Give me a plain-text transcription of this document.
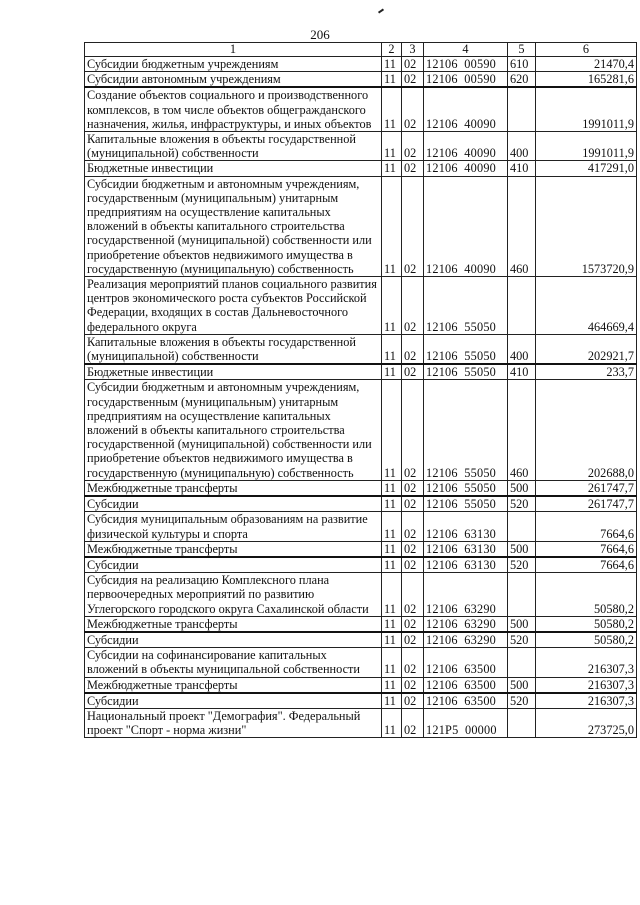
206
1	2	3	4	5	6
Субсидии бюджетным учреждениям	11	02	12106  00590	610	21470,4
Субсидии автономным учреждениям	11	02	12106  00590	620	165281,6
Создание объектов социального и производственного комплексов, в том числе объектов общегражданского назначения, жилья, инфраструктуры, и иных объектов	11	02	12106  40090		1991011,9
Капитальные вложения в объекты государственной (муниципальной) собственности	11	02	12106  40090	400	1991011,9
Бюджетные инвестиции	11	02	12106  40090	410	417291,0
Субсидии бюджетным и автономным учреждениям, государственным (муниципальным) унитарным предприятиям на осуществление капитальных вложений в объекты капитального строительства государственной (муниципальной) собственности или приобретение объектов недвижимого имущества в государственную (муниципальную) собственность	11	02	12106  40090	460	1573720,9
Реализация мероприятий планов социального развития центров экономического роста субъектов Российской Федерации, входящих в состав Дальневосточного федерального округа	11	02	12106  55050		464669,4
Капитальные вложения в объекты государственной (муниципальной) собственности	11	02	12106  55050	400	202921,7
Бюджетные инвестиции	11	02	12106  55050	410	233,7
Субсидии бюджетным и автономным учреждениям, государственным (муниципальным) унитарным предприятиям на осуществление капитальных вложений в объекты капитального строительства государственной (муниципальной) собственности или приобретение объектов недвижимого имущества в государственную (муниципальную) собственность	11	02	12106  55050	460	202688,0
Межбюджетные трансферты	11	02	12106  55050	500	261747,7
Субсидии	11	02	12106  55050	520	261747,7
Субсидия муниципальным образованиям на развитие физической культуры и спорта	11	02	12106  63130		7664,6
Межбюджетные трансферты	11	02	12106  63130	500	7664,6
Субсидии	11	02	12106  63130	520	7664,6
Субсидия на реализацию Комплексного плана первоочередных мероприятий по развитию Углегорского городского округа Сахалинской области	11	02	12106  63290		50580,2
Межбюджетные трансферты	11	02	12106  63290	500	50580,2
Субсидии	11	02	12106  63290	520	50580,2
Субсидии на софинансирование капитальных вложений в объекты муниципальной собственности	11	02	12106  63500		216307,3
Межбюджетные трансферты	11	02	12106  63500	500	216307,3
Субсидии	11	02	12106  63500	520	216307,3
Национальный проект "Демография". Федеральный проект "Спорт - норма жизни"	11	02	121P5  00000		273725,0
